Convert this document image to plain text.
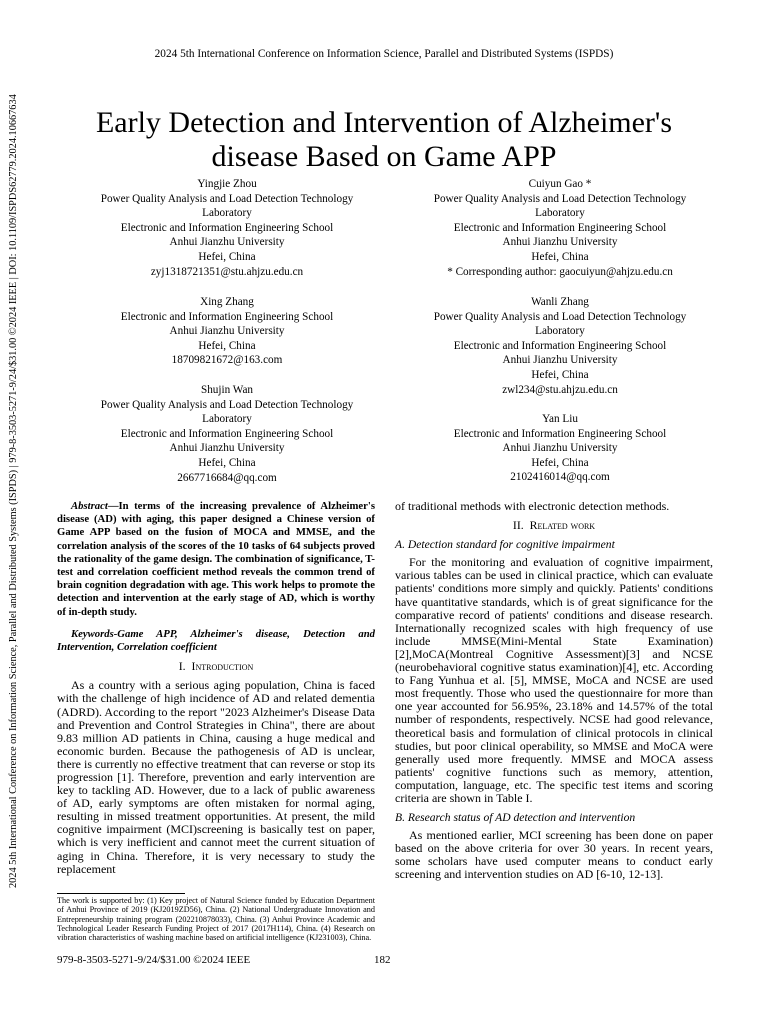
2024 5th International Conference on Information Science, Parallel and Distributed Systems (ISPDS)
2024 5th International Conference on Information Science, Parallel and Distributed Systems (ISPDS) | 979-8-3503-5271-9/24/$31.00 ©2024 IEEE | DOI: 10.1109/ISPDS62779.2024.10667634	Early Detection and Intervention of Alzheimer's
disease Based on Game APP
Yingjie Zhou
Power Quality Analysis and Load Detection Technology
Laboratory
Electronic and Information Engineering School
Anhui Jianzhu University
Hefei, China
zyj1318721351@stu.ahjzu.edu.cn
Cuiyun Gao *
Power Quality Analysis and Load Detection Technology
Laboratory
Electronic and Information Engineering School
Anhui Jianzhu University
Hefei, China
* Corresponding author: gaocuiyun@ahjzu.edu.cn
Xing Zhang
Electronic and Information Engineering School
Anhui Jianzhu University
Hefei, China
18709821672@163.com
Wanli Zhang
Power Quality Analysis and Load Detection Technology
Laboratory
Electronic and Information Engineering School
Anhui Jianzhu University
Hefei, China
zwl234@stu.ahjzu.edu.cn
Shujin Wan
Power Quality Analysis and Load Detection Technology
Laboratory
Electronic and Information Engineering School
Anhui Jianzhu University
Hefei, China
2667716684@qq.com
Yan Liu
Electronic and Information Engineering School
Anhui Jianzhu University
Hefei, China
2102416014@qq.com

Abstract—In terms of the increasing prevalence of Alzheimer's disease (AD) with aging, this paper designed a Chinese version of Game APP based on the fusion of MOCA and MMSE, and the correlation analysis of the scores of the 10 tasks of 64 subjects proved the rationality of the game design. The combination of significance, T-test and correlation coefficient method reveals the common trend of brain cognition degradation with age. This work helps to promote the detection and intervention at the early stage of AD, which is worthy of in-depth study.

Keywords-Game APP, Alzheimer's disease, Detection and Intervention, Correlation coefficient

I. Introduction

As a country with a serious aging population, China is faced with the challenge of high incidence of AD and related dementia (ADRD). According to the report "2023 Alzheimer's Disease Data and Prevention and Control Strategies in China", there are about 9.83 million AD patients in China, causing a huge medical and economic burden. Because the pathogenesis of AD is unclear, there is currently no effective treatment that can reverse or stop its progression [1]. Therefore, prevention and early intervention are key to tackling AD. However, due to a lack of public awareness of AD, early symptoms are often mistaken for normal aging, resulting in missed treatment opportunities. At present, the mild cognitive impairment (MCI)screening is basically test on paper, which is very inefficient and cannot meet the current situation of aging in China. Therefore, it is very necessary to study the replacement

of traditional methods with electronic detection methods.

II. Related work
A. Detection standard for cognitive impairment

For the monitoring and evaluation of cognitive impairment, various tables can be used in clinical practice, which can evaluate patients' conditions more simply and quickly. Patients' conditions have quantitative standards, which is of great significance for the comparative record of patients' conditions and disease research. Internationally recognized scales with high frequency of use include MMSE(Mini-Mental State Examination)[2],MoCA(Montreal Cognitive Assessment)[3] and NCSE (neurobehavioral cognitive status examination)[4], etc. According to Fang Yunhua et al. [5], MMSE, MoCA and NCSE are used most frequently. Those who used the questionnaire for more than one year accounted for 56.95%, 23.18% and 14.57% of the total number of respondents, respectively. NCSE had good relevance, theoretical basis and formulation of clinical protocols in clinical studies, but poor clinical operability, so MMSE and MoCA were generally used more frequently. MMSE and MOCA assess patients' cognitive functions such as memory, attention, computation, language, etc. The specific test items and scoring criteria are shown in Table I.

B. Research status of AD detection and intervention

As mentioned earlier, MCI screening has been done on paper based on the above criteria for over 30 years. In recent years, some scholars have used computer means to conduct early screening and intervention studies on AD [6-10, 12-13].

The work is supported by: (1) Key project of Natural Science funded by Education Department of Anhui Province of 2019 (KJ2019ZD56), China. (2) National Undergraduate Innovation and Entrepreneurship training program (202210878033), China. (3) Anhui Province Academic and Technological Leader Research Funding Project of 2017 (2017H114), China. (4) Research on vibration characteristics of washing machine based on artificial intelligence (KJ231003), China.
979-8-3503-5271-9/24/$31.00 ©2024 IEEE	182
